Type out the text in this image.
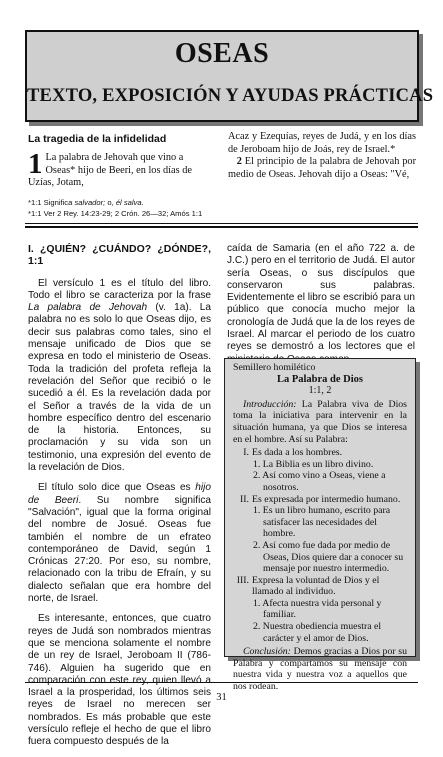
OSEAS
TEXTO, EXPOSICIÓN Y AYUDAS PRÁCTICAS
La tragedia de la infidelidad
1 La palabra de Jehovah que vino a Oseas* hijo de Beeri, en los días de Uzías, Jotam,
Acaz y Ezequías, reyes de Judá, y en los días de Jeroboam hijo de Joás, rey de Israel.*
2 El principio de la palabra de Jehovah por medio de Oseas. Jehovah dijo a Oseas: "Vé,
*1:1 Significa salvador; o, él salva.
*1:1 Ver 2 Rey. 14:23-29; 2 Crón. 26—32; Amós 1:1
I. ¿QUIÉN? ¿CUÁNDO? ¿DÓNDE?, 1:1

El versículo 1 es el título del libro. Todo el libro se caracteriza por la frase La palabra de Jehovah (v. 1a). La palabra no es solo lo que Oseas dijo, es decir sus palabras como tales, sino el mensaje unificado de Dios que se expresa en todo el ministerio de Oseas. Toda la tradición del profeta refleja la revelación del Señor que recibió o le sucedió a él. Es la revelación dada por el Señor a través de la vida de un hombre específico dentro del escenario de la historia. Entonces, su proclamación y su vida son un testimonio, una expresión del evento de la revelación de Dios.

El título solo dice que Oseas es hijo de Beeri. Su nombre significa "Salvación", igual que la forma original del nombre de Josué. Oseas fue también el nombre de un efrateo contemporáneo de David, según 1 Crónicas 27:20. Por eso, su nombre, relacionado con la tribu de Efraín, y su dialecto señalan que era hombre del norte, de Israel.

Es interesante, entonces, que cuatro reyes de Judá son nombrados mientras que se menciona solamente el nombre de un rey de Israel, Jeroboam II (786-746). Alguien ha sugerido que en comparación con este rey, quien llevó a Israel a la prosperidad, los últimos seis reyes de Israel no merecen ser nombrados. Es más probable que este versículo refleje el hecho de que el libro fuera compuesto después de la

caída de Samaria (en el año 722 a. de J.C.) pero en el territorio de Judá. El autor sería Oseas, o sus discípulos que conservaron sus palabras. Evidentemente el libro se escribió para un público que conocía mucho mejor la cronología de Judá que la de los reyes de Israel. Al marcar el periodo de los cuatro reyes se demostró a los lectores que el

Semillero homilético
La Palabra de Dios
1:1, 2
Introducción: La Palabra viva de Dios toma la iniciativa para intervenir en la situación humana, ya que Dios se interesa en el hombre. Así su Palabra:
I. Es dada a los hombres.
1. La Biblia es un libro divino.
2. Así como vino a Oseas, viene a nosotros.
II. Es expresada por intermedio humano.
1. Es un libro humano, escrito para satisfacer las necesidades del hombre.
2. Así como fue dada por medio de Oseas, Dios quiere dar a conocer su mensaje por nuestro intermedio.
III. Expresa la voluntad de Dios y el llamado al individuo.
1. Afecta nuestra vida personal y familiar.
2. Nuestra obediencia muestra el carácter y el amor de Dios.
Conclusión: Demos gracias a Dios por su Palabra y compartamos su mensaje con nuestra vida y nuestra voz a aquellos que nos rodean.
31
